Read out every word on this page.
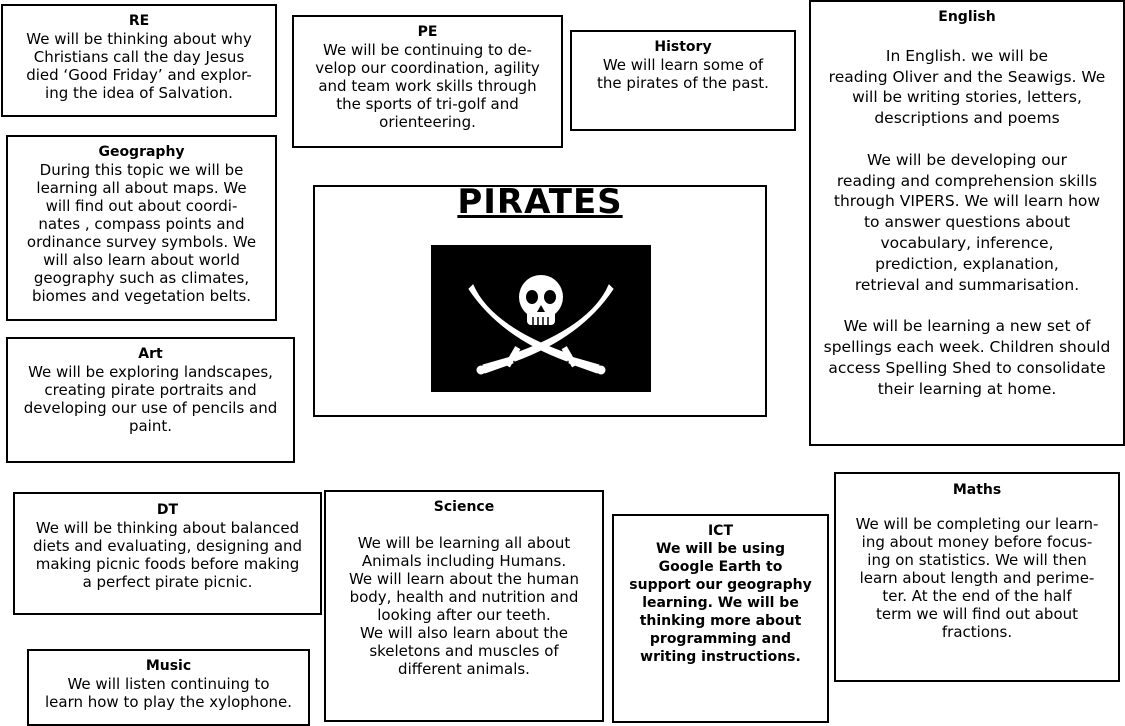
RE
We will be thinking about why
Christians call the day Jesus
died ‘Good Friday’ and explor-
ing the idea of Salvation.
PE
We will be continuing to de-
velop our coordination, agility
and team work skills through
the sports of tri-golf and
orienteering.
History
We will learn some of
the pirates of the past.
English
In English. we will be
reading Oliver and the Seawigs. We
will be writing stories, letters,
descriptions and poems

We will be developing our
reading and comprehension skills
through VIPERS. We will learn how
to answer questions about
vocabulary, inference,
prediction, explanation,
retrieval and summarisation.

We will be learning a new set of
spellings each week. Children should
access Spelling Shed to consolidate
their learning at home.
Geography
During this topic we will be
learning all about maps. We
will find out about coordi-
nates , compass points and
ordinance survey symbols. We
will also learn about world
geography such as climates,
biomes and vegetation belts.
PIRATES
Art
We will be exploring landscapes,
creating pirate portraits and
developing our use of pencils and
paint.
DT
We will be thinking about balanced
diets and evaluating, designing and
making picnic foods before making
a perfect pirate picnic.
Science
We will be learning all about
Animals including Humans.
We will learn about the human
body, health and nutrition and
looking after our teeth.
We will also learn about the
skeletons and muscles of
different animals.
ICT
We will be using
Google Earth to
support our geography
learning. We will be
thinking more about
programming and
writing instructions.
Maths
We will be completing our learn-
ing about money before focus-
ing on statistics. We will then
learn about length and perime-
ter. At the end of the half
term we will find out about
fractions.
Music
We will listen continuing to
learn how to play the xylophone.
